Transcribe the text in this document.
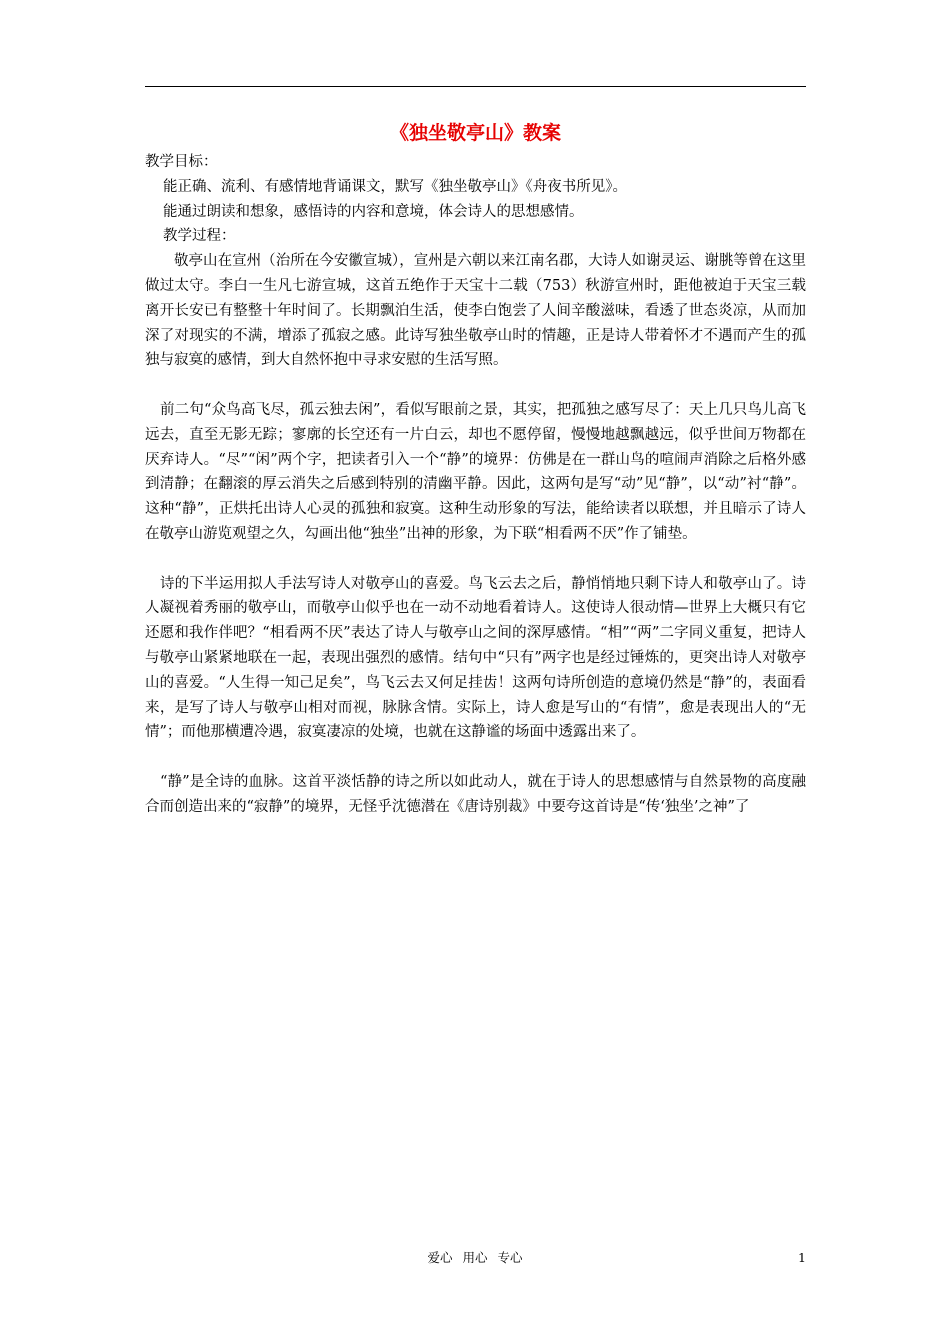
《独坐敬亭山》教案

教学目标：

能正确、流利、有感情地背诵课文，默写《独坐敬亭山》《舟夜书所见》。

能通过朗读和想象，感悟诗的内容和意境，体会诗人的思想感情。

教学过程：

敬亭山在宣州（治所在今安徽宣城），宣州是六朝以来江南名郡，大诗人如谢灵运、谢朓等曾在这里做过太守。李白一生凡七游宣城，这首五绝作于天宝十二载（753）秋游宣州时，距他被迫于天宝三载离开长安已有整整十年时间了。长期飘泊生活，使李白饱尝了人间辛酸滋味，看透了世态炎凉，从而加深了对现实的不满，增添了孤寂之感。此诗写独坐敬亭山时的情趣，正是诗人带着怀才不遇而产生的孤独与寂寞的感情，到大自然怀抱中寻求安慰的生活写照。

前二句“众鸟高飞尽，孤云独去闲”，看似写眼前之景，其实，把孤独之感写尽了：天上几只鸟儿高飞远去，直至无影无踪；寥廓的长空还有一片白云，却也不愿停留，慢慢地越飘越远，似乎世间万物都在厌弃诗人。“尽”“闲”两个字，把读者引入一个“静”的境界：仿佛是在一群山鸟的喧闹声消除之后格外感到清静；在翻滚的厚云消失之后感到特别的清幽平静。因此，这两句是写“动”见“静”，以“动”衬“静”。这种“静”，正烘托出诗人心灵的孤独和寂寞。这种生动形象的写法，能给读者以联想，并且暗示了诗人在敬亭山游览观望之久，勾画出他“独坐”出神的形象，为下联“相看两不厌”作了铺垫。

诗的下半运用拟人手法写诗人对敬亭山的喜爱。鸟飞云去之后，静悄悄地只剩下诗人和敬亭山了。诗人凝视着秀丽的敬亭山，而敬亭山似乎也在一动不动地看着诗人。这使诗人很动情—世界上大概只有它还愿和我作伴吧？“相看两不厌”表达了诗人与敬亭山之间的深厚感情。“相”“两”二字同义重复，把诗人与敬亭山紧紧地联在一起，表现出强烈的感情。结句中“只有”两字也是经过锤炼的，更突出诗人对敬亭山的喜爱。“人生得一知己足矣”，鸟飞云去又何足挂齿！这两句诗所创造的意境仍然是“静”的，表面看来，是写了诗人与敬亭山相对而视，脉脉含情。实际上，诗人愈是写山的“有情”，愈是表现出人的“无情”；而他那横遭冷遇，寂寞凄凉的处境，也就在这静谧的场面中透露出来了。

“静”是全诗的血脉。这首平淡恬静的诗之所以如此动人，就在于诗人的思想感情与自然景物的高度融合而创造出来的“寂静”的境界，无怪乎沈德潜在《唐诗别裁》中要夸这首诗是“传‘独坐’之神”了

爱心 用心 专心	1
